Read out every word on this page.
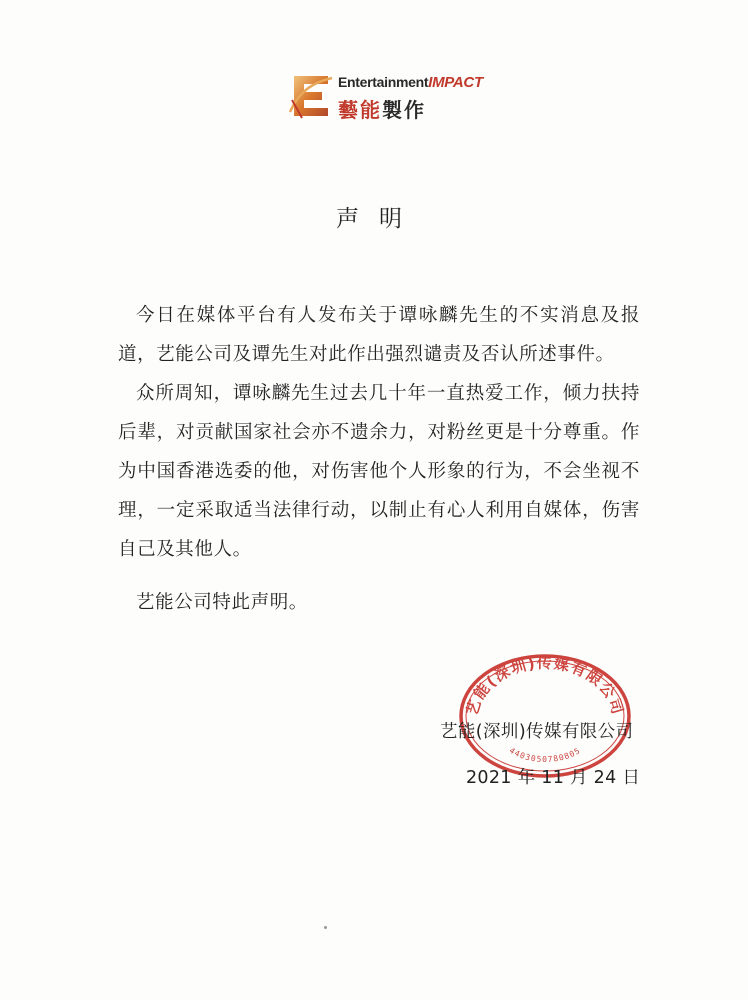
EntertainmentIMPACT
藝能製作
声明

今日在媒体平台有人发布关于谭咏麟先生的不实消息及报道，艺能公司及谭先生对此作出强烈谴责及否认所述事件。

众所周知，谭咏麟先生过去几十年一直热爱工作，倾力扶持后辈，对贡献国家社会亦不遗余力，对粉丝更是十分尊重。作为中国香港选委的他，对伤害他个人形象的行为，不会坐视不理，一定采取适当法律行动，以制止有心人利用自媒体，伤害自己及其他人。

艺能公司特此声明。
艺能(深圳)传媒有限公司
4403050780805
艺能(深圳)传媒有限公司
2021 年 11 月 24 日
